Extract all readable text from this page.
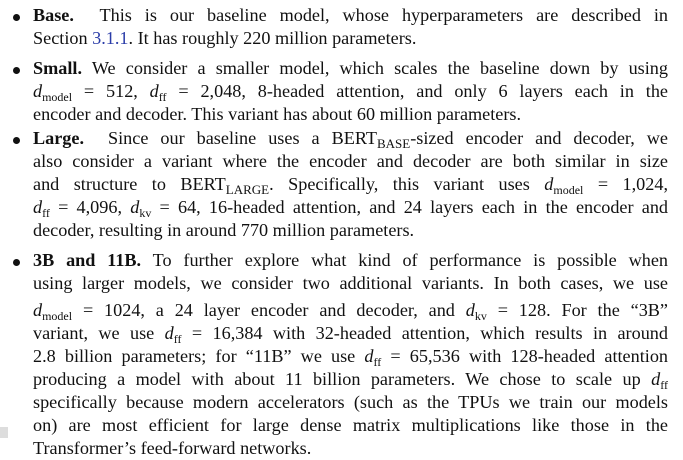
Base. This is our baseline model, whose hyperparameters are described in
Section 3.1.1. It has roughly 220 million parameters.
Small. We consider a smaller model, which scales the baseline down by using
$d_{model} = 512$, $d_{ff} = 2,048$, 8-headed attention, and only 6 layers each in the
encoder and decoder. This variant has about 60 million parameters.
Large. Since our baseline uses a $BERT_{BASE}$-sized encoder and decoder, we
also consider a variant where the encoder and decoder are both similar in size
and structure to $BERT_{LARGE}$. Specifically, this variant uses $d_{model} = 1,024$,
$d_{ff} = 4,096$, $d_{kv} = 64$, 16-headed attention, and 24 layers each in the encoder and
decoder, resulting in around 770 million parameters.
3B and 11B. To further explore what kind of performance is possible when
using larger models, we consider two additional variants. In both cases, we use
$d_{model} = 1024$, a 24 layer encoder and decoder, and $d_{kv} = 128$. For the “3B”
variant, we use $d_{ff} = 16,384$ with 32-headed attention, which results in around
2.8 billion parameters; for “11B” we use $d_{ff} = 65,536$ with 128-headed attention
producing a model with about 11 billion parameters. We chose to scale up $d_{ff}$
specifically because modern accelerators (such as the TPUs we train our models
on) are most efficient for large dense matrix multiplications like those in the
Transformer’s feed-forward networks.
